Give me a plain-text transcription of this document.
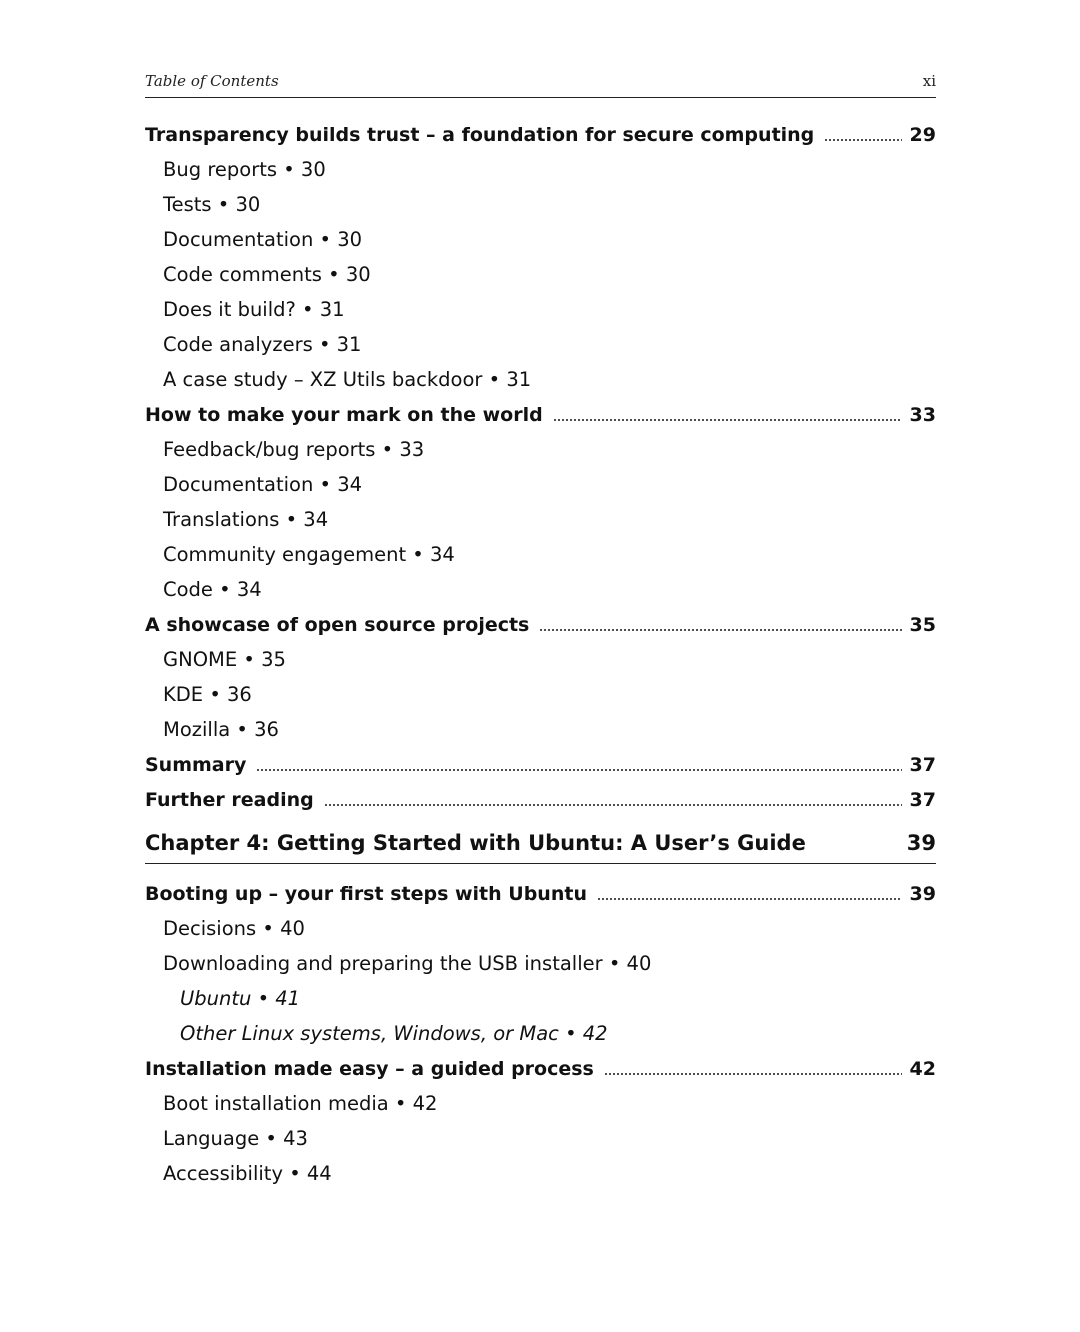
Table of Contents	xi
Transparency builds trust – a foundation for secure computing	29
Bug reports • 30
Tests • 30
Documentation • 30
Code comments • 30
Does it build? • 31
Code analyzers • 31
A case study – XZ Utils backdoor • 31
How to make your mark on the world	33
Feedback/bug reports • 33
Documentation • 34
Translations • 34
Community engagement • 34
Code • 34
A showcase of open source projects	35
GNOME • 35
KDE • 36
Mozilla • 36
Summary	37
Further reading	37
Chapter 4: Getting Started with Ubuntu: A User’s Guide	39
Booting up – your first steps with Ubuntu	39
Decisions • 40
Downloading and preparing the USB installer • 40
Ubuntu • 41
Other Linux systems, Windows, or Mac • 42
Installation made easy – a guided process	42
Boot installation media • 42
Language • 43
Accessibility • 44
